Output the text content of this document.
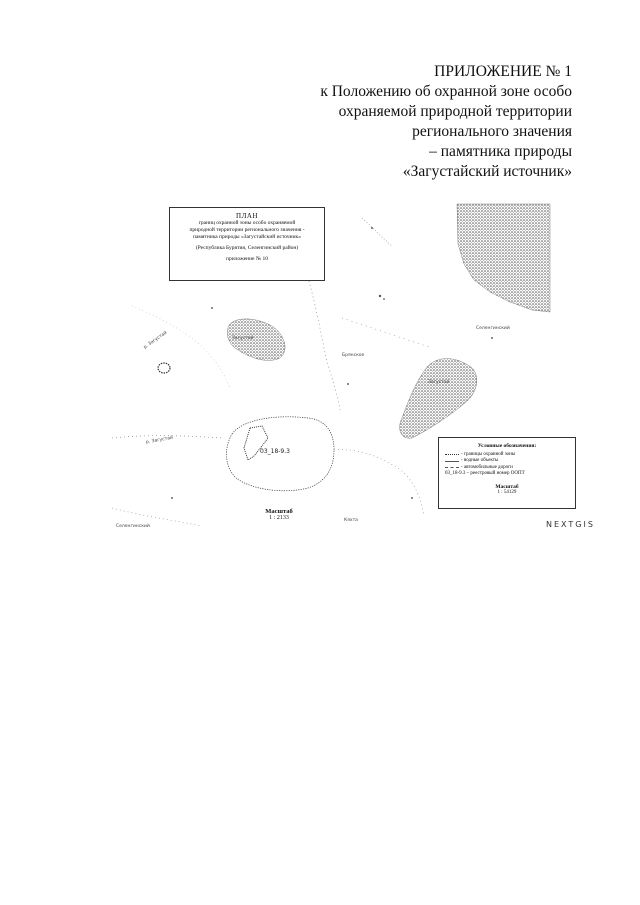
ПРИЛОЖЕНИЕ № 1
к Положению об охранной зоне особо
охраняемой природной территории
регионального значения
– памятника природы
«Загустайский источник»
Селенгинский
Загустай
Брянское
р. Загустай
р. Загустай
Загустай
Кяхта
Селенгинский
ПЛАН
границ охранной зоны особо охраняемой
природной территории регионального значения -
памятника природы «Загустайский источник»
(Республика Бурятия, Селенгинский район)
приложение № 10
03_18-9.3
Масштаб
1 : 2133
Условные обозначения:
- границы охранной зоны
- водные объекты
- автомобильные дороги
03_18-9.3 – реестровый номер ООПТ
Масштаб
1 : 54129
NEXTGIS
